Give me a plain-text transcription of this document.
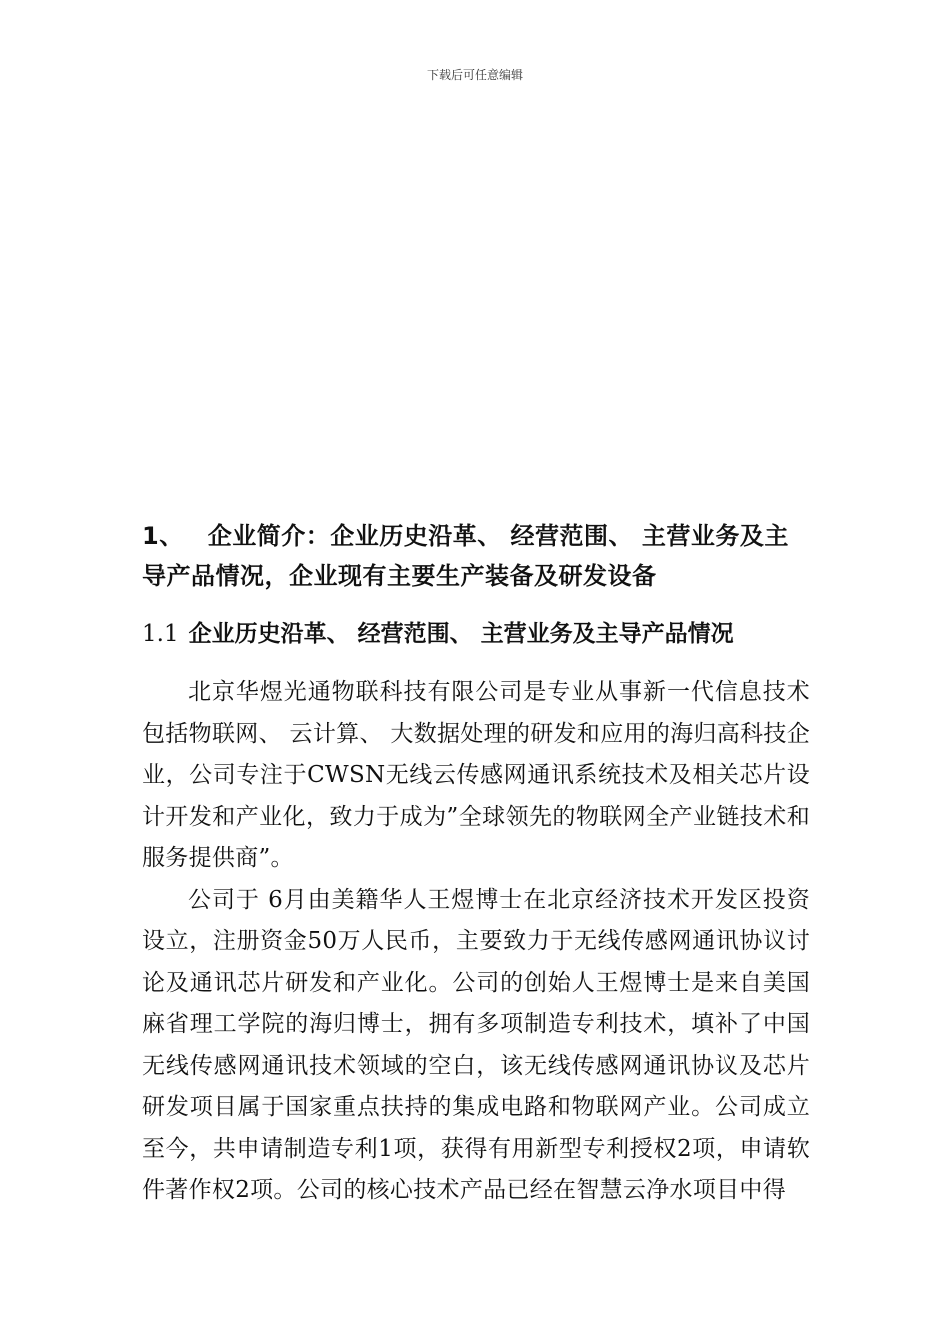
下载后可任意编辑
1、 企业简介：企业历史沿革、 经营范围、 主营业务及主导产品情况，企业现有主要生产装备及研发设备
1.1 企业历史沿革、 经营范围、 主营业务及主导产品情况

北京华煜光通物联科技有限公司是专业从事新一代信息技术包括物联网、 云计算、 大数据处理的研发和应用的海归高科技企业，公司专注于CWSN无线云传感网通讯系统技术及相关芯片设计开发和产业化，致力于成为”全球领先的物联网全产业链技术和服务提供商”。

公司于 6月由美籍华人王煜博士在北京经济技术开发区投资设立，注册资金50万人民币，主要致力于无线传感网通讯协议讨论及通讯芯片研发和产业化。公司的创始人王煜博士是来自美国麻省理工学院的海归博士，拥有多项制造专利技术，填补了中国无线传感网通讯技术领域的空白，该无线传感网通讯协议及芯片研发项目属于国家重点扶持的集成电路和物联网产业。公司成立至今，共申请制造专利1项，获得有用新型专利授权2项，申请软件著作权2项。公司的核心技术产品已经在智慧云净水项目中得
